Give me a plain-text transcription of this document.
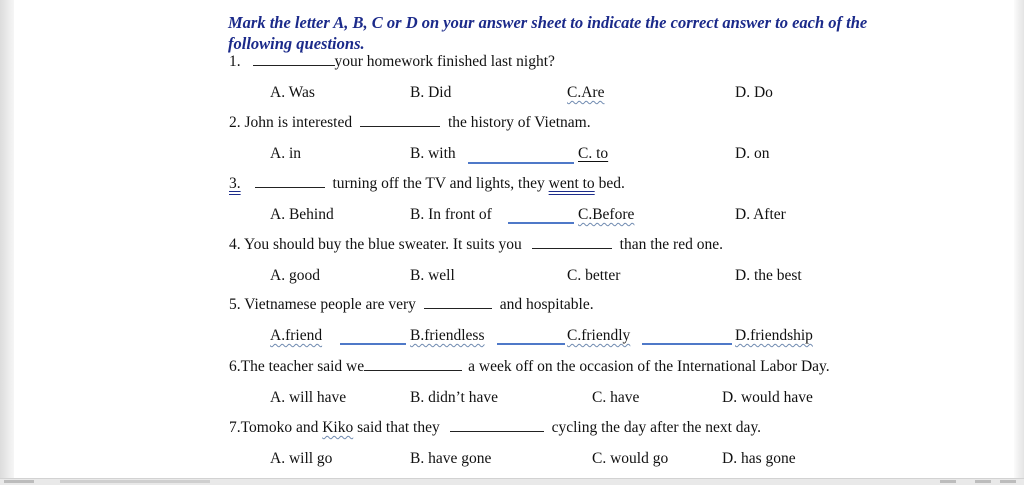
Mark the letter A, B, C or D on your answer sheet to indicate the correct answer to each of the following questions.

1.	your homework finished last night?
A. Was	B. Did	C.Are	D. Do
2. John is interested	the history of Vietnam.
A. in	B. with	C. to	D. on
3.	turning off the TV and lights, they went to bed.
A. Behind	B. In front of	C.Before	D. After
4. You should buy the blue sweater. It suits you	than the red one.
A. good	B. well	C. better	D. the best
5. Vietnamese people are very	and hospitable.
A.friend	B.friendless	C.friendly	D.friendship
6.The teacher said we	a week off on the occasion of the International Labor Day.
A. will have	B. didn’t have	C. have	D. would have
7.Tomoko and Kiko said that they	cycling the day after the next day.
A. will go	B. have gone	C. would go	D. has gone
